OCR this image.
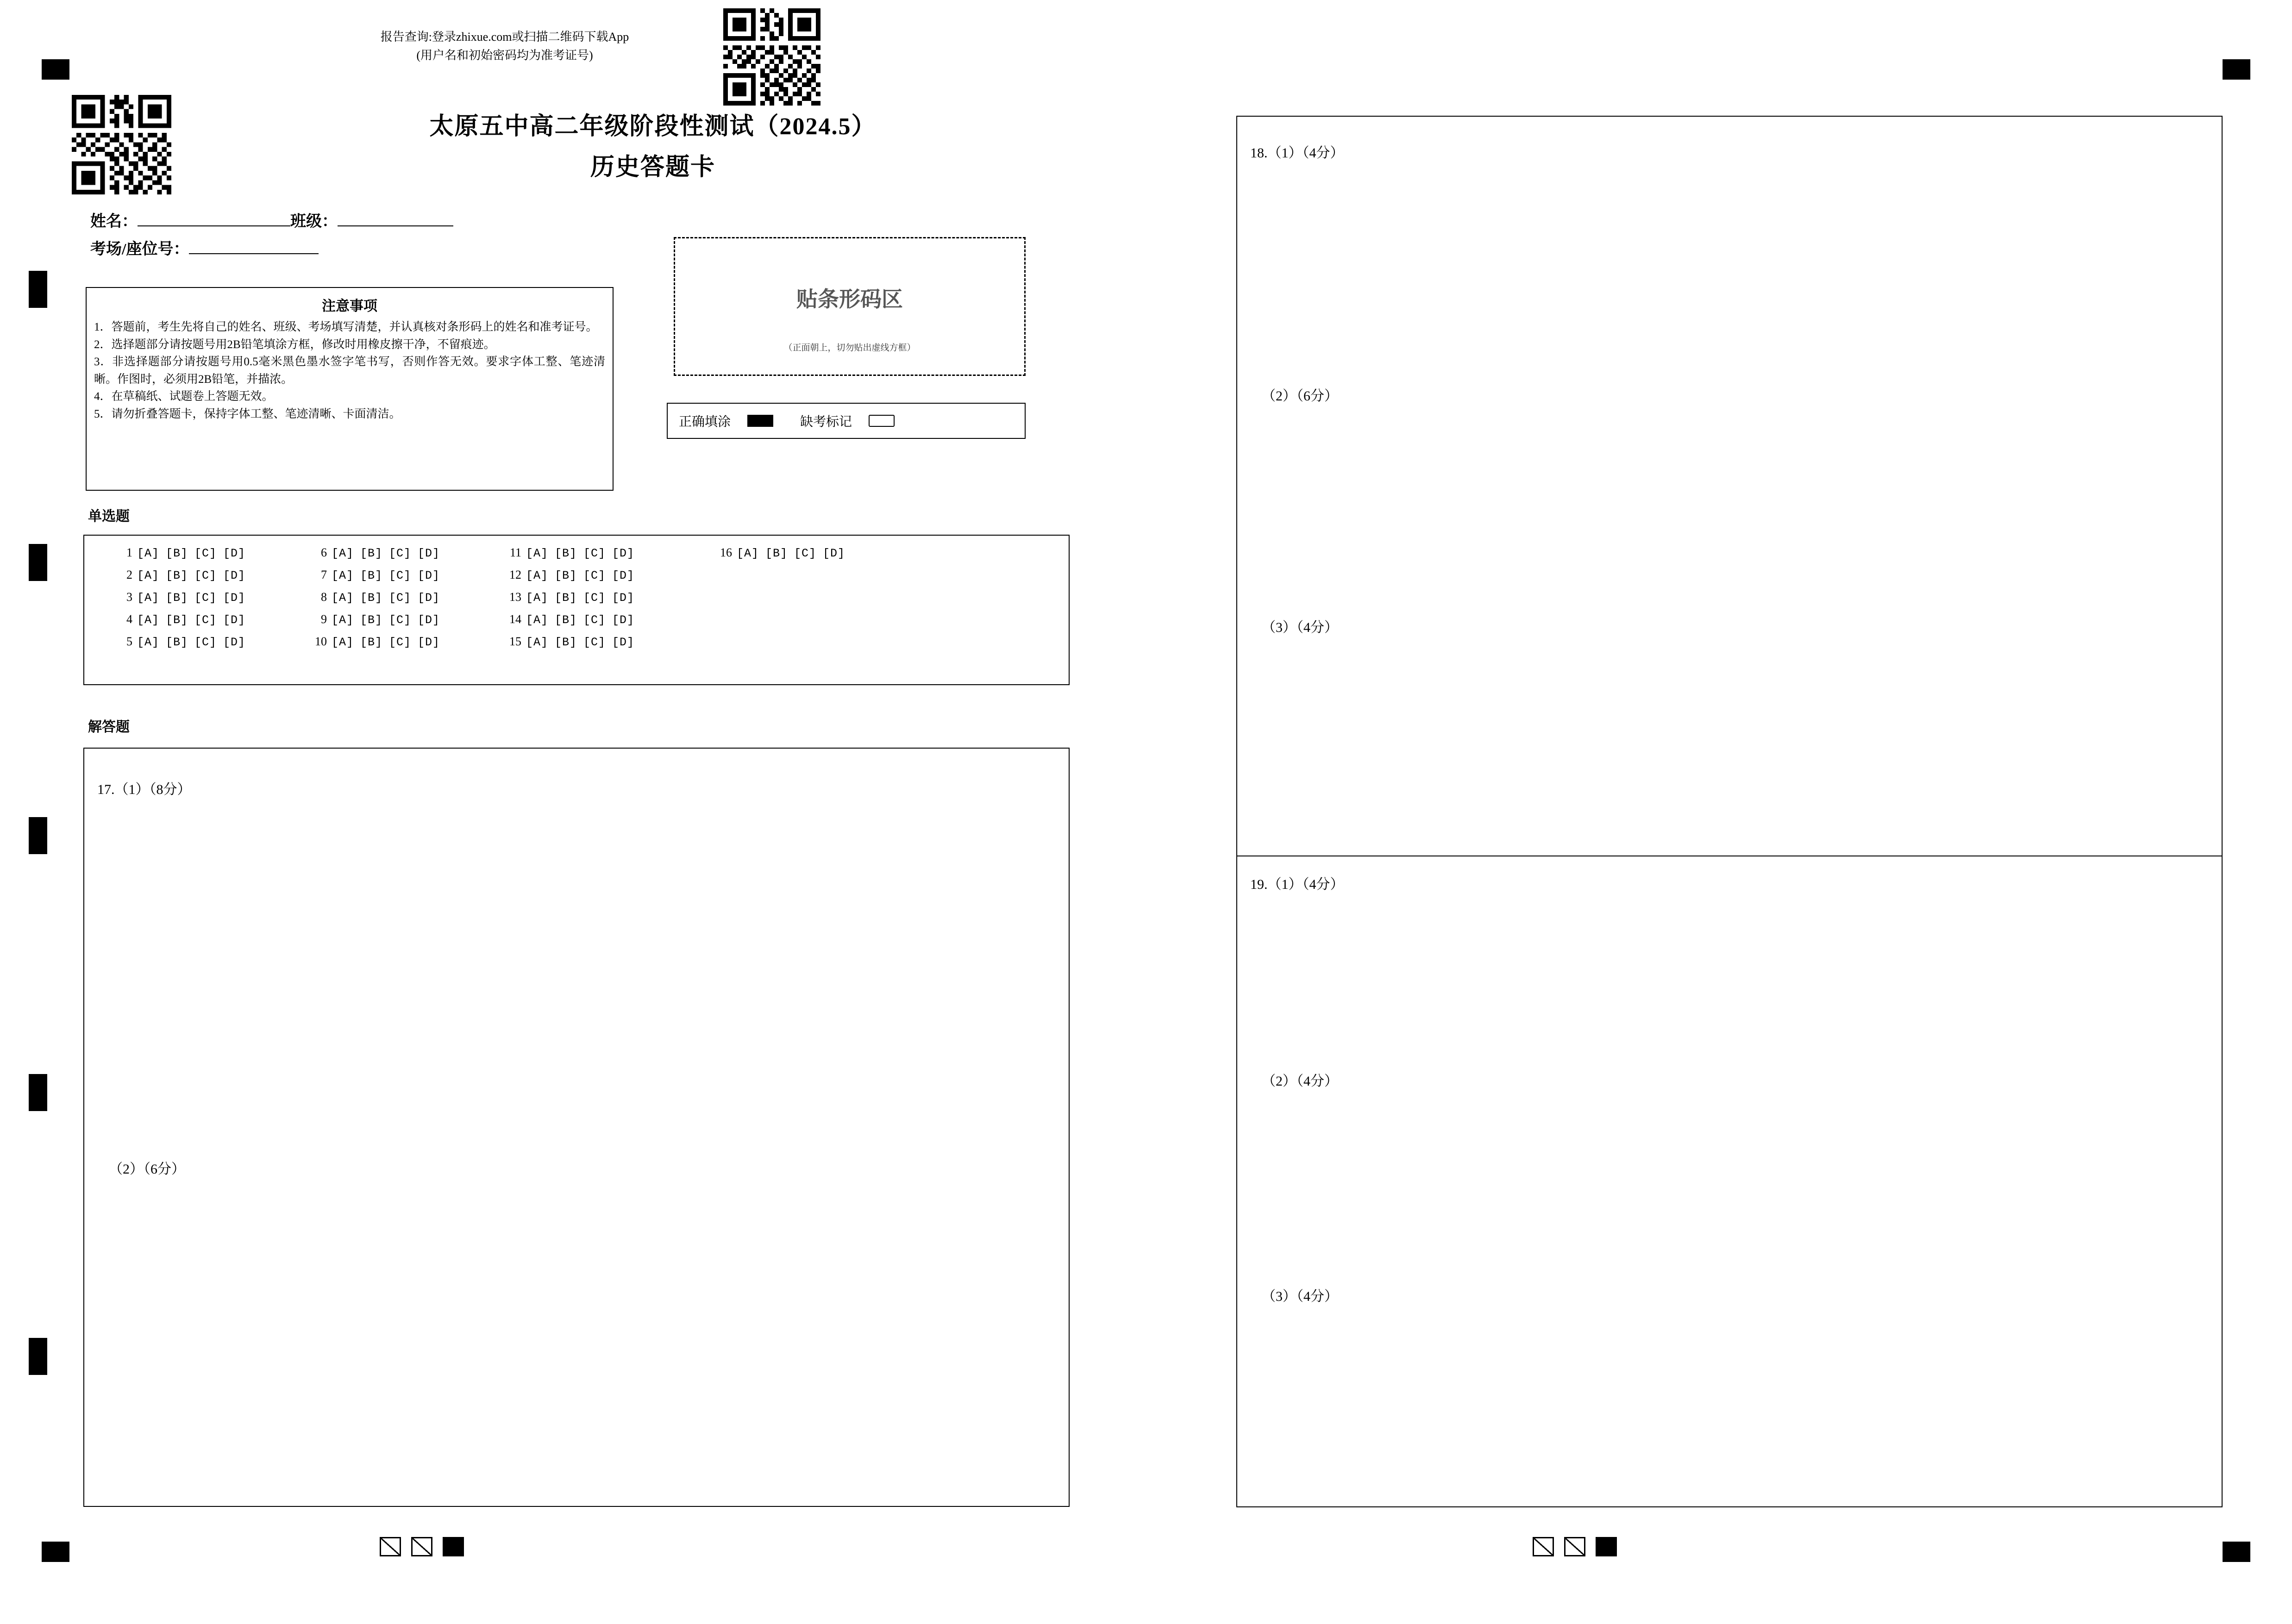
报告查询:登录zhixue.com或扫描二维码下载App
(用户名和初始密码均为准考证号)
太原五中高二年级阶段性测试（2024.5）
历史答题卡
姓名：	班级：
考场/座位号：
注意事项
1．答题前，考生先将自己的姓名、班级、考场填写清楚，并认真核对条形码上的姓名和准考证号。
2．选择题部分请按题号用2B铅笔填涂方框，修改时用橡皮擦干净，不留痕迹。
3．非选择题部分请按题号用0.5毫米黑色墨水签字笔书写，否则作答无效。要求字体工整、笔迹清晰。作图时，必须用2B铅笔，并描浓。
4．在草稿纸、试题卷上答题无效。
5．请勿折叠答题卡，保持字体工整、笔迹清晰、卡面清洁。
贴条形码区
（正面朝上，切勿贴出虚线方框）
正确填涂	缺考标记
单选题
1 [A] [B] [C] [D]
2 [A] [B] [C] [D]
3 [A] [B] [C] [D]
4 [A] [B] [C] [D]
5 [A] [B] [C] [D]
6 [A] [B] [C] [D]
7 [A] [B] [C] [D]
8 [A] [B] [C] [D]
9 [A] [B] [C] [D]
10 [A] [B] [C] [D]
11 [A] [B] [C] [D]
12 [A] [B] [C] [D]
13 [A] [B] [C] [D]
14 [A] [B] [C] [D]
15 [A] [B] [C] [D]
16 [A] [B] [C] [D]
解答题
17.（1）（8分）
（2）（6分）
18.（1）（4分）
（2）（6分）
（3）（4分）
19.（1）（4分）
（2）（4分）
（3）（4分）
